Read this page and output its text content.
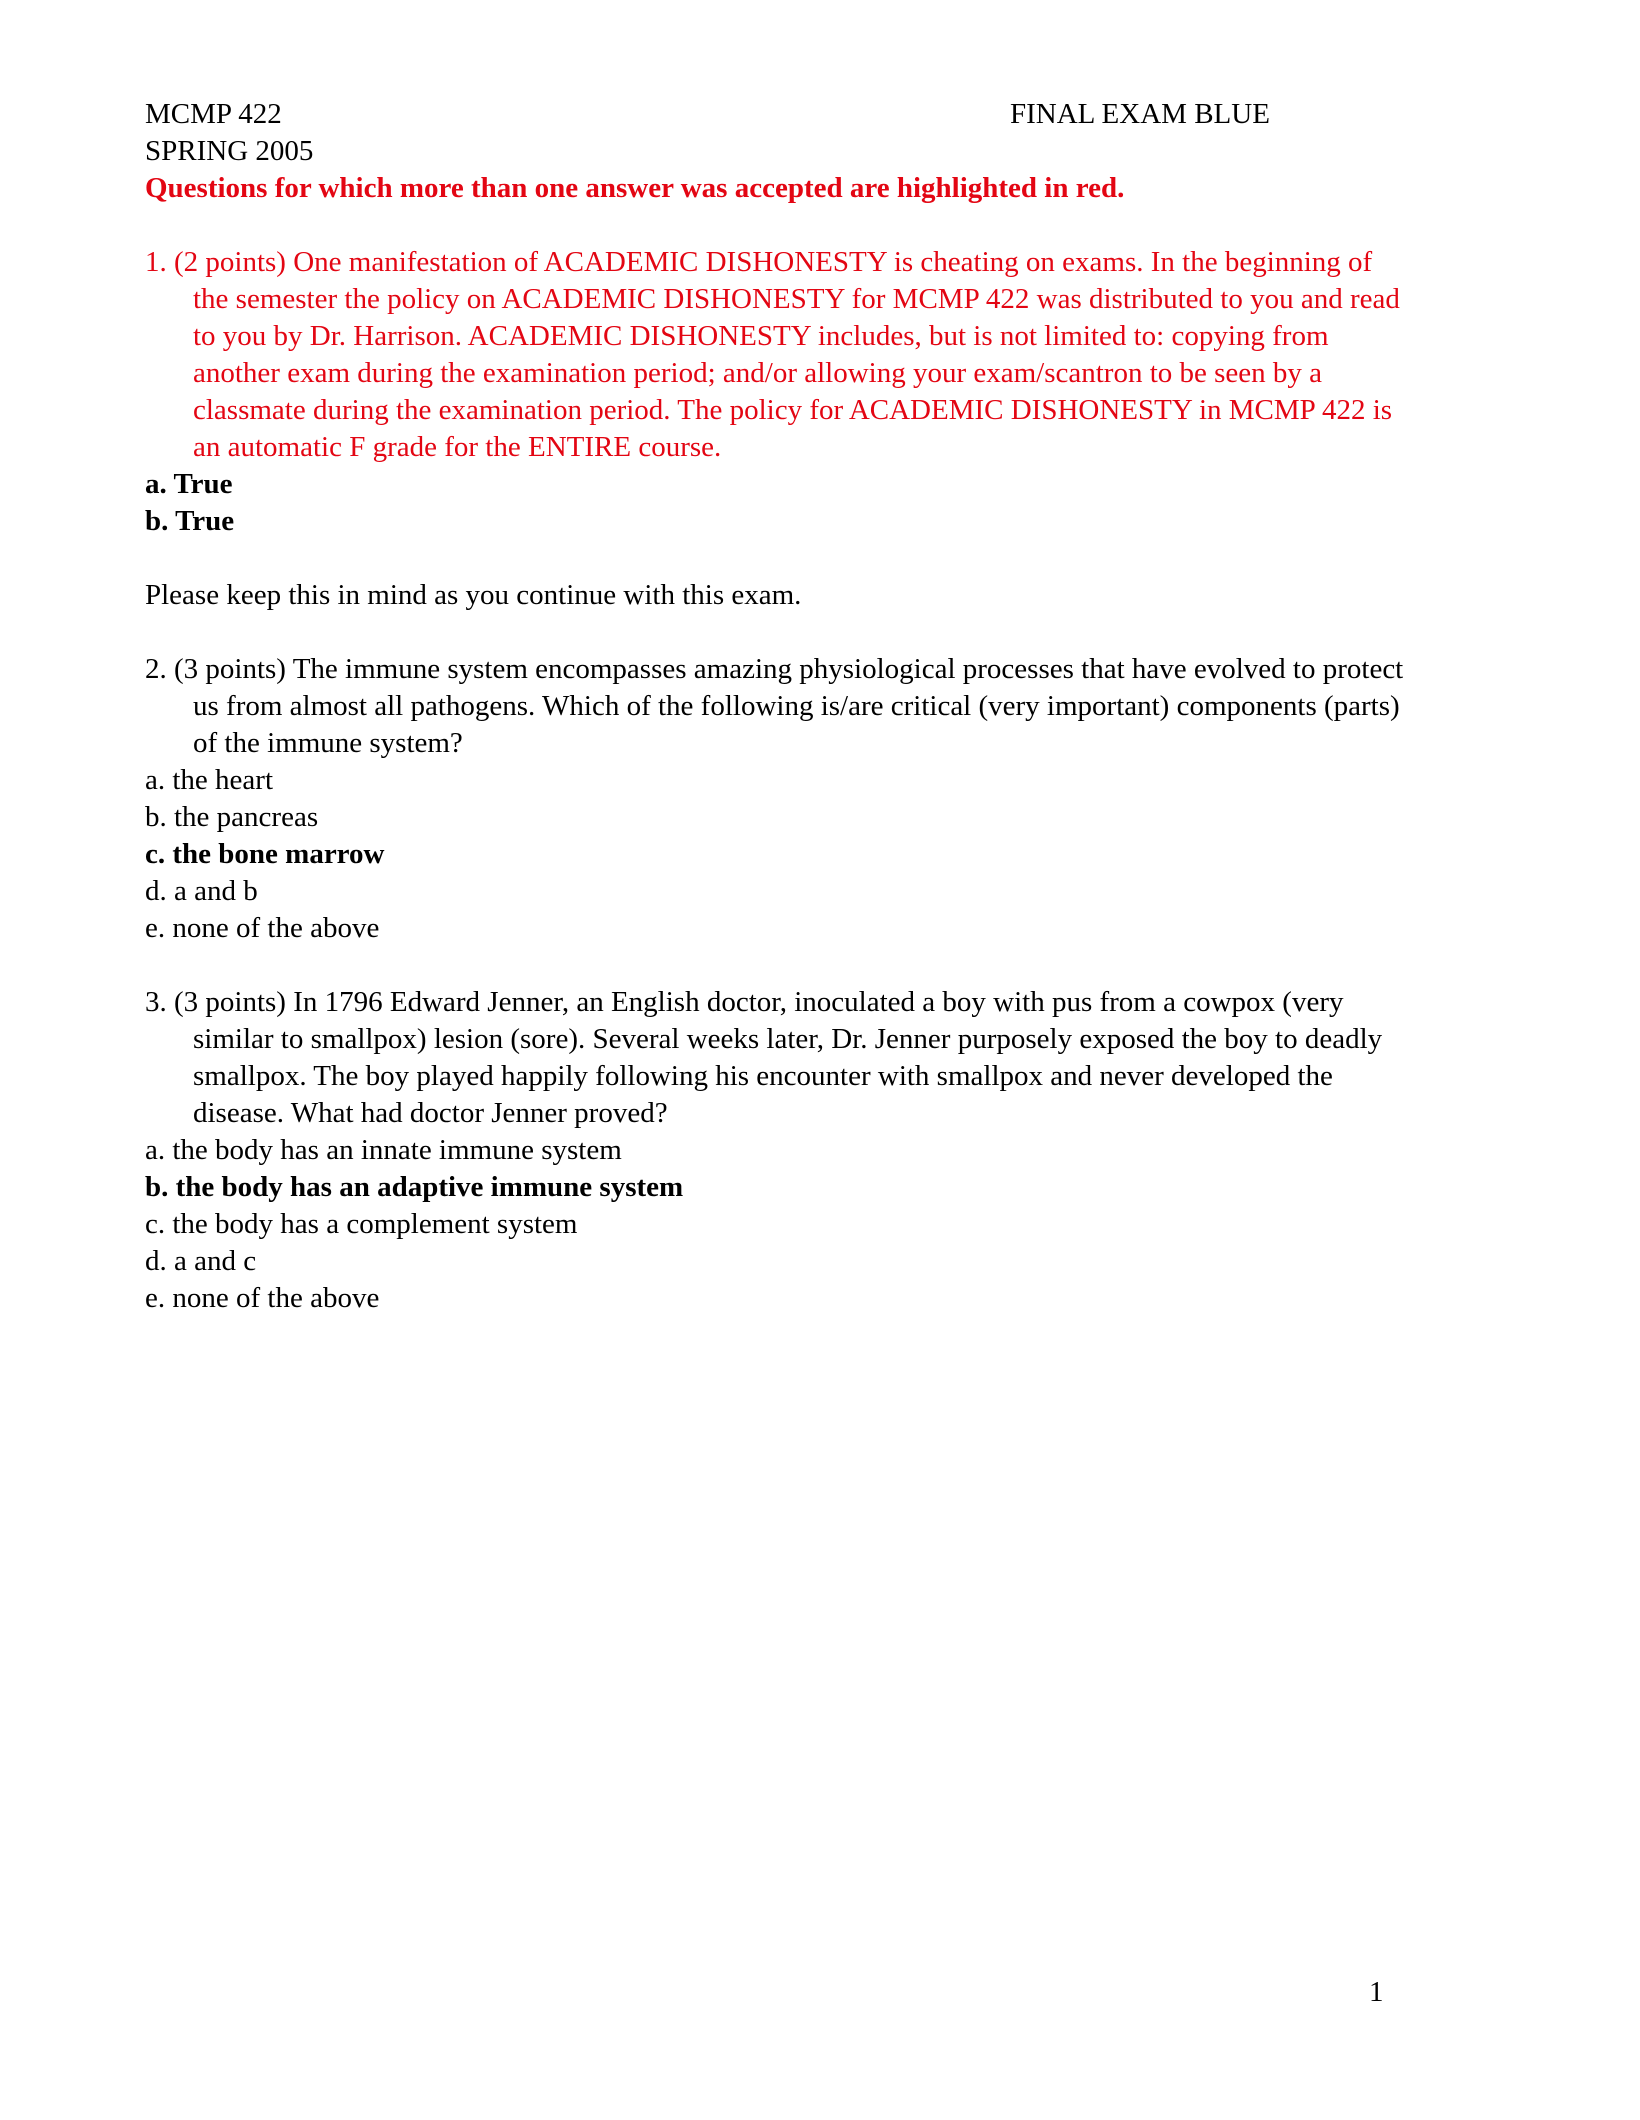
MCMP 422	FINAL EXAM BLUE
SPRING 2005
Questions for which more than one answer was accepted are highlighted in red.

1. (2 points) One manifestation of ACADEMIC DISHONESTY is cheating on exams. In the beginning of the semester the policy on ACADEMIC DISHONESTY for MCMP 422 was distributed to you and read to you by Dr. Harrison. ACADEMIC DISHONESTY includes, but is not limited to: copying from another exam during the examination period; and/or allowing your exam/scantron to be seen by a classmate during the examination period. The policy for ACADEMIC DISHONESTY in MCMP 422 is an automatic F grade for the ENTIRE course.

a. True

b. True

Please keep this in mind as you continue with this exam.

2. (3 points) The immune system encompasses amazing physiological processes that have evolved to protect us from almost all pathogens. Which of the following is/are critical (very important) components (parts) of the immune system?

a. the heart

b. the pancreas

c. the bone marrow

d. a and b

e. none of the above

3. (3 points) In 1796 Edward Jenner, an English doctor, inoculated a boy with pus from a cowpox (very similar to smallpox) lesion (sore). Several weeks later, Dr. Jenner purposely exposed the boy to deadly smallpox. The boy played happily following his encounter with smallpox and never developed the disease. What had doctor Jenner proved?

a. the body has an innate immune system

b. the body has an adaptive immune system

c. the body has a complement system

d. a and c

e. none of the above

1
